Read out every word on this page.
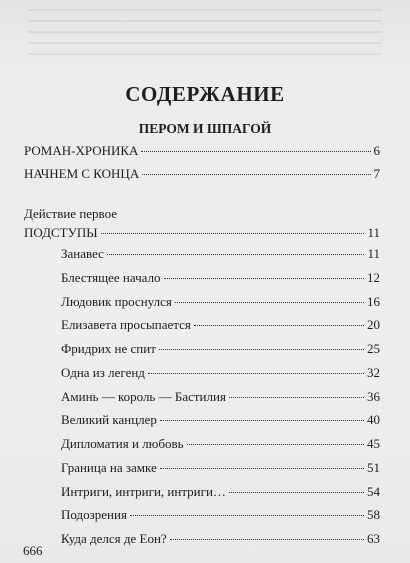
СОДЕРЖАНИЕ
ПЕРОМ И ШПАГОЙ
РОМАН-ХРОНИКА	6
НАЧНЕМ С КОНЦА	7
Действие первое
ПОДСТУПЫ	11
Занавес	11
Блестящее начало	12
Людовик проснулся	16
Елизавета просыпается	20
Фридрих не спит	25
Одна из легенд	32
Аминь — король — Бастилия	36
Великий канцлер	40
Дипломатия и любовь	45
Граница на замке	51
Интриги, интриги, интриги…	54
Подозрения	58
Куда делся де Еон?	63
666
